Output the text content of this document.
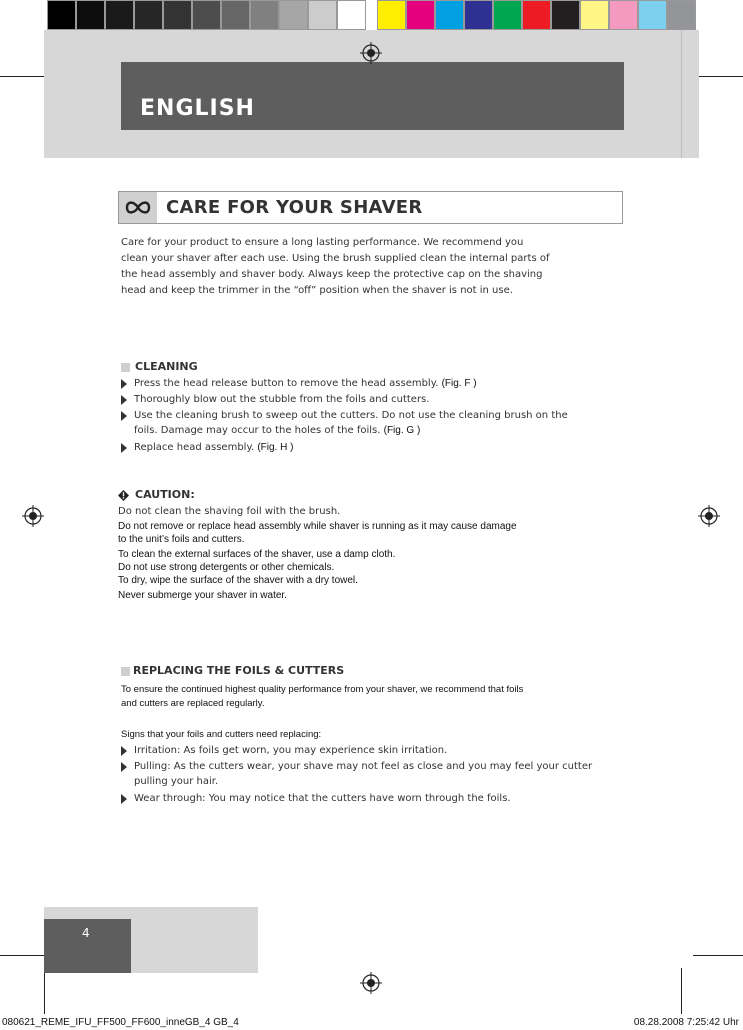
ENGLISH
CARE FOR YOUR SHAVER
Care for your product to ensure a long lasting performance. We recommend you
clean your shaver after each use. Using the brush supplied clean the internal parts of
the head assembly and shaver body. Always keep the protective cap on the shaving
head and keep the trimmer in the “off” position when the shaver is not in use.
CLEANING
Press the head release button to remove the head assembly. (Fig. F )
Thoroughly blow out the stubble from the foils and cutters.
Use the cleaning brush to sweep out the cutters. Do not use the cleaning brush on the
foils. Damage may occur to the holes of the foils. (Fig. G )
Replace head assembly. (Fig. H )
CAUTION:
Do not clean the shaving foil with the brush.
Do not remove or replace head assembly while shaver is running as it may cause damage
to the unit’s foils and cutters.
To clean the external surfaces of the shaver, use a damp cloth.
Do not use strong detergents or other chemicals.
To dry, wipe the surface of the shaver with a dry towel.
Never submerge your shaver in water.
REPLACING THE FOILS & CUTTERS
To ensure the continued highest quality performance from your shaver, we recommend that foils
and cutters are replaced regularly.
Signs that your foils and cutters need replacing:
Irritation: As foils get worn, you may experience skin irritation.
Pulling: As the cutters wear, your shave may not feel as close and you may feel your cutter
pulling your hair.
Wear through: You may notice that the cutters have worn through the foils.
4
080621_REME_IFU_FF500_FF600_inneGB_4 GB_4	08.28.2008 7:25:42 Uhr
